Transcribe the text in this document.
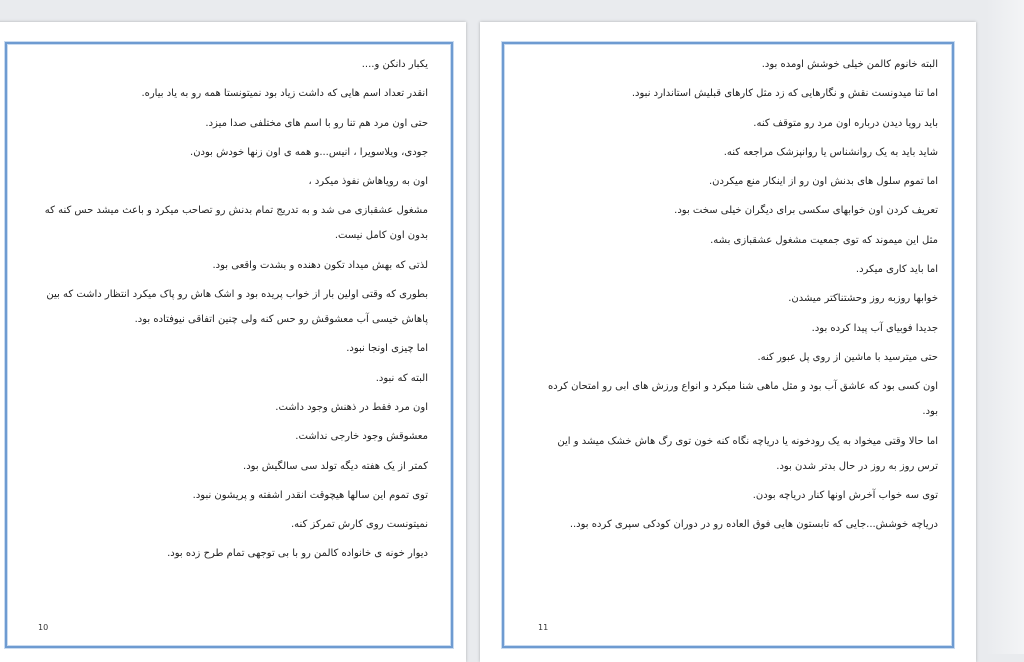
یکبار دانکن و....

انقدر تعداد اسم هایی که داشت زیاد بود نمیتونستا همه رو به یاد بیاره.

حتی اون مرد هم تنا رو با اسم های مختلفی صدا میزد.

جودی، ویلاسویرا ، انیس...و همه ی اون زنها خودش بودن.

اون به رویاهاش نفوذ میکرد ،

مشغول عشقبازی می شد و به تدریج تمام بدنش رو تصاحب میکرد و باعث میشد حس کنه که بدون اون کامل نیست.

لذتی که بهش میداد تکون دهنده و بشدت واقعی بود.

بطوری که وقتی اولین بار از خواب پریده بود و اشک هاش رو پاک میکرد انتظار داشت که بین پاهاش خیسی آب معشوقش رو حس کنه ولی چنین اتفاقی نیوفتاده بود.

اما چیزی اونجا نبود.

البته که نبود.

اون مرد فقط در ذهنش وجود داشت.

معشوقش وجود خارجی نداشت.

کمتر از یک هفته دیگه تولد سی سالگیش بود.

توی تموم این سالها هیچوقت انقدر اشفته و پریشون نبود.

نمیتونست روی کارش تمرکز کنه.

دیوار خونه ی خانواده کالمن رو با بی توجهی تمام طرح زده بود.

10

البته خانوم کالمن خیلی خوشش اومده بود.

اما تنا میدونست نقش و نگارهایی که زد مثل کارهای قبلیش استاندارد نبود.

باید رویا دیدن درباره اون مرد رو متوقف کنه.

شاید باید به یک روانشناس یا روانپزشک مراجعه کنه.

اما تموم سلول های بدنش اون رو از اینکار منع میکردن.

تعریف کردن اون خوابهای سکسی برای دیگران خیلی سخت بود.

مثل این میموند که توی جمعیت مشغول عشقبازی بشه.

اما باید کاری میکرد.

خوابها روزبه روز وحشتناکتر میشدن.

جدیدا فوبیای آب پیدا کرده بود.

حتی میترسید با ماشین از روی پل عبور کنه.

اون کسی بود که عاشق آب بود و مثل ماهی شنا میکرد و انواع ورزش های ابی رو امتحان کرده بود.

اما حالا وقتی میخواد به یک رودخونه یا دریاچه نگاه کنه خون توی رگ هاش خشک میشد و این ترس روز به روز در حال بدتر شدن بود.

توی سه خواب آخرش اونها کنار دریاچه بودن.

دریاچه خوشش...جایی که تابستون هایی فوق العاده رو در دوران کودکی سپری کرده بود..

11
